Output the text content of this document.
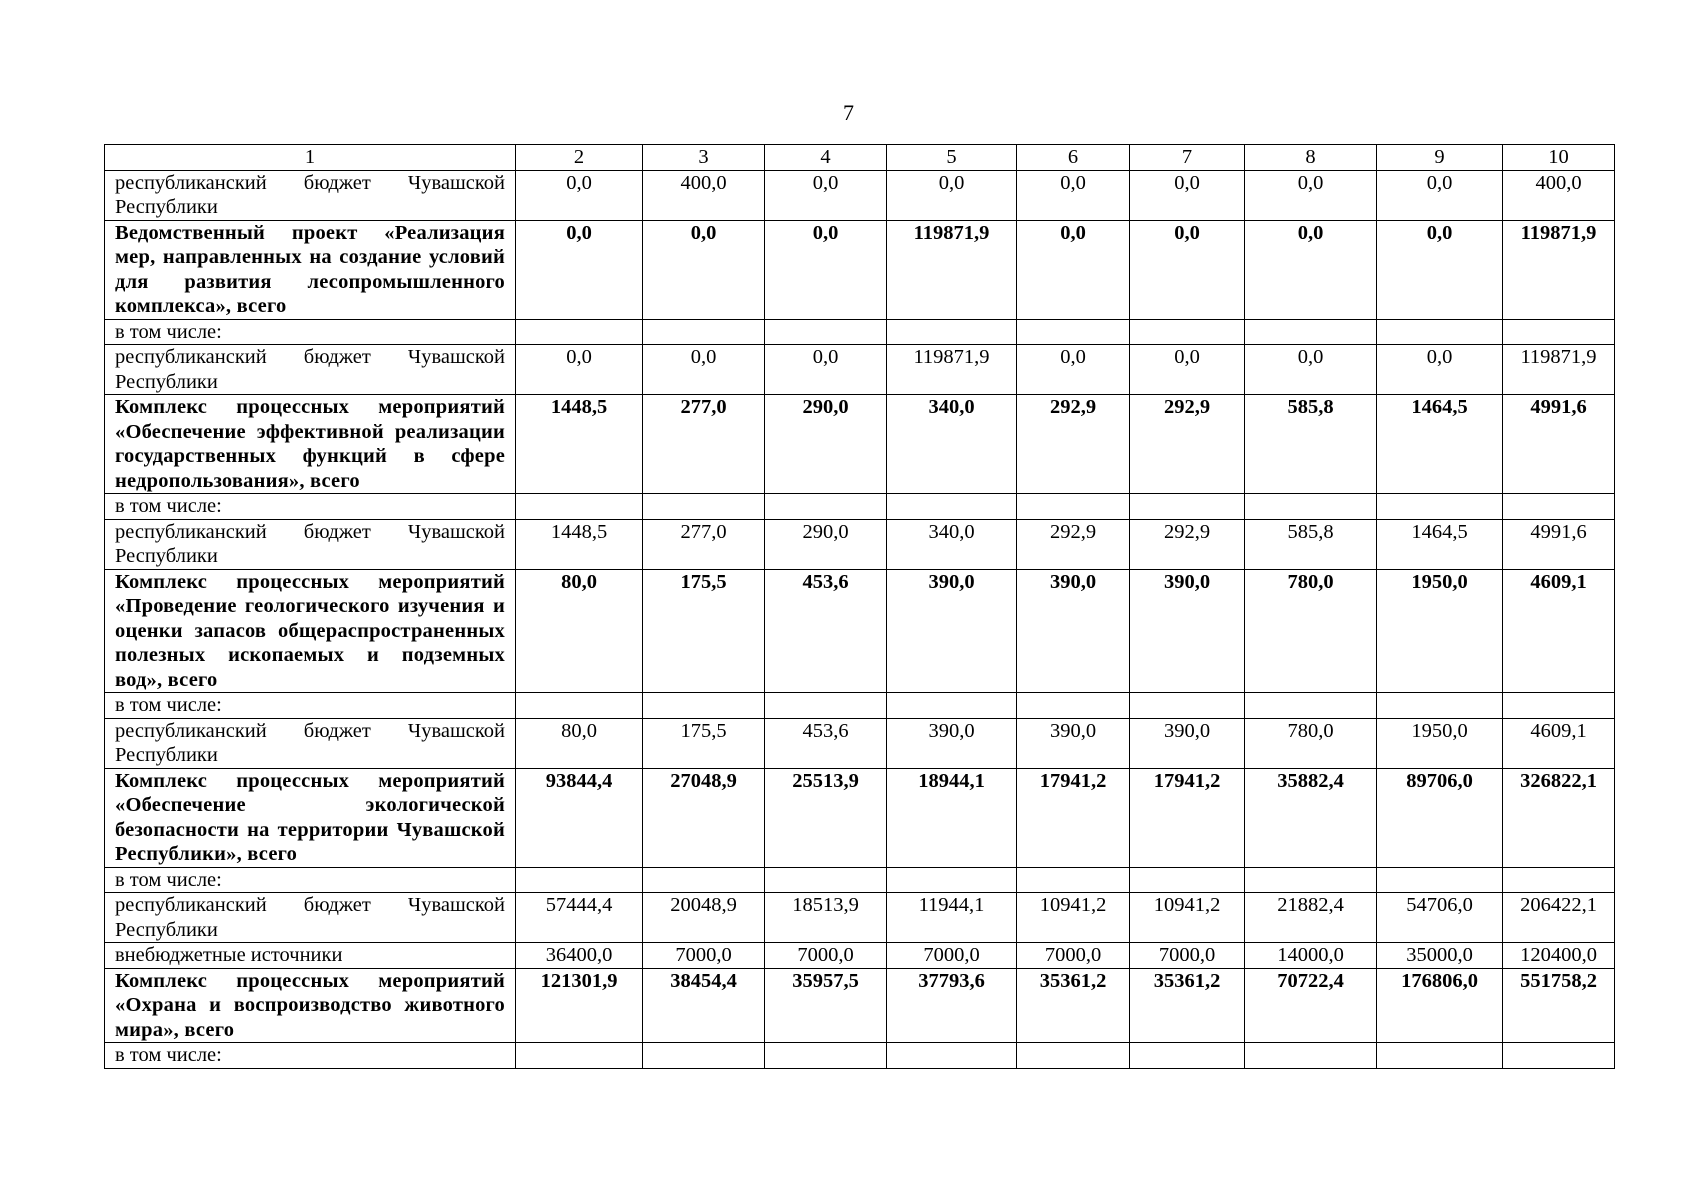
7
1	2	3	4	5	6	7	8	9	10
республиканский бюджет Чувашской Республики	0,0	400,0	0,0	0,0	0,0	0,0	0,0	0,0	400,0
Ведомственный проект «Реализация мер, направленных на создание условий для развития лесопромышленного комплекса», всего	0,0	0,0	0,0	119871,9	0,0	0,0	0,0	0,0	119871,9
в том числе:									
республиканский бюджет Чувашской Республики	0,0	0,0	0,0	119871,9	0,0	0,0	0,0	0,0	119871,9
Комплекс процессных мероприятий «Обеспечение эффективной реализации государственных функций в сфере недропользования», всего	1448,5	277,0	290,0	340,0	292,9	292,9	585,8	1464,5	4991,6
в том числе:									
республиканский бюджет Чувашской Республики	1448,5	277,0	290,0	340,0	292,9	292,9	585,8	1464,5	4991,6
Комплекс процессных мероприятий «Проведение геологического изучения и оценки запасов общераспространенных полезных ископаемых и подземных вод», всего	80,0	175,5	453,6	390,0	390,0	390,0	780,0	1950,0	4609,1
в том числе:									
республиканский бюджет Чувашской Республики	80,0	175,5	453,6	390,0	390,0	390,0	780,0	1950,0	4609,1
Комплекс процессных мероприятий «Обеспечение экологической безопасности на территории Чувашской Республики», всего	93844,4	27048,9	25513,9	18944,1	17941,2	17941,2	35882,4	89706,0	326822,1
в том числе:									
республиканский бюджет Чувашской Республики	57444,4	20048,9	18513,9	11944,1	10941,2	10941,2	21882,4	54706,0	206422,1
внебюджетные источники	36400,0	7000,0	7000,0	7000,0	7000,0	7000,0	14000,0	35000,0	120400,0
Комплекс процессных мероприятий «Охрана и воспроизводство животного мира», всего	121301,9	38454,4	35957,5	37793,6	35361,2	35361,2	70722,4	176806,0	551758,2
в том числе:									
